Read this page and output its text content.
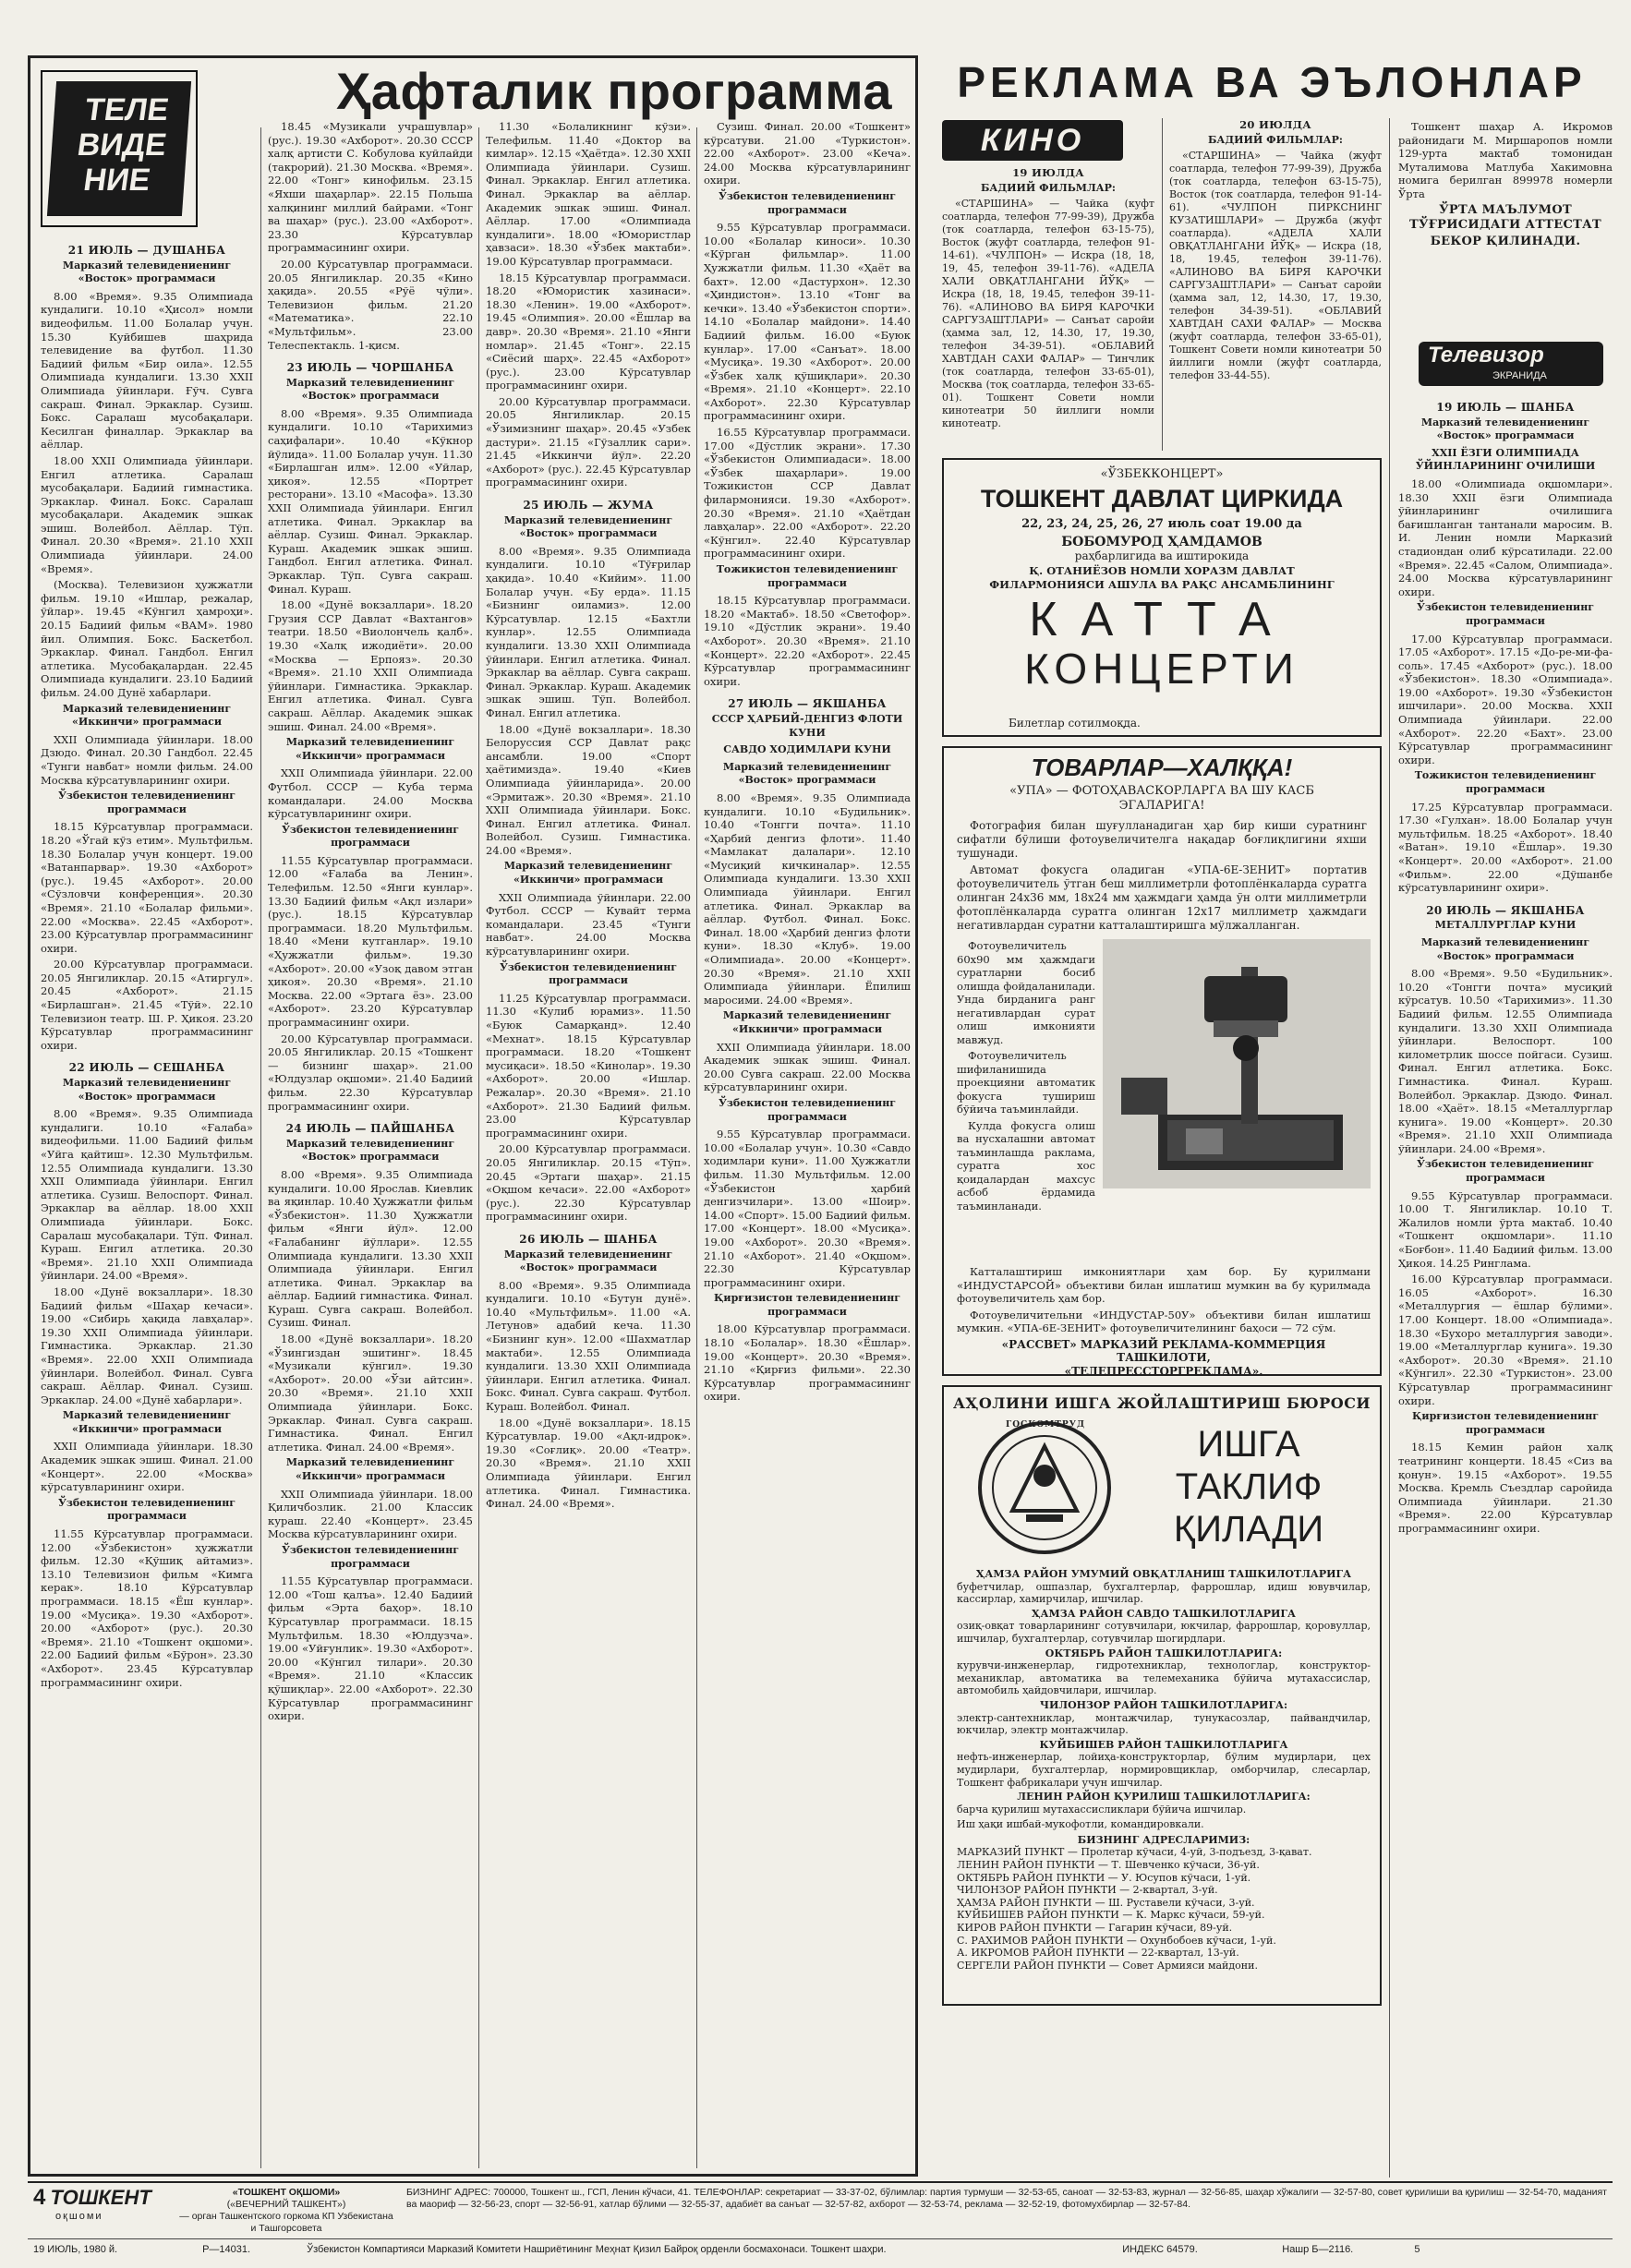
ТЕЛЕ
ВИДЕ
НИЕ
Ҳафталик программа
21 ИЮЛЬ — ДУШАНБА
Марказий телевидениенинг «Восток» программаси

8.00 «Время». 9.35 Олимпиада кундалиги. 10.10 «Ҳисол» номли видеофильм. 11.00 Болалар учун. 15.30 Куйбишев шаҳрида телевидение ва футбол. 11.30 Бадиий фильм «Бир оила». 12.55 Олимпиада кундалиги. 13.30 XXII Олимпиада ўйинлари. Ғўч. Сувга сакраш. Финал. Эркаклар. Сузиш. Бокс. Саралаш мусобақалари. Кесилган финаллар. Эркаклар ва аёллар.

18.00 XXII Олимпиада ўйинлари. Енгил атлетика. Саралаш мусобақалари. Бадиий гимнастика. Эркаклар. Финал. Бокс. Саралаш мусобақалари. Академик эшкак эшиш. Волейбол. Аёллар. Тўп. Финал. 20.30 «Время». 21.10 XXII Олимпиада ўйинлари. 24.00 «Время».

(Москва). Телевизион ҳужжатли фильм. 19.10 «Ишлар, режалар, ўйлар». 19.45 «Кўнгил ҳамроҳи». 20.15 Бадиий фильм «ВАМ». 1980 йил. Олимпия. Бокс. Баскетбол. Эркаклар. Финал. Гандбол. Енгил атлетика. Мусобақалардан. 22.45 Олимпиада кундалиги. 23.10 Бадиий фильм. 24.00 Дунё хабарлари.

Марказий телевидениенинг «Иккинчи» программаси

XXII Олимпиада ўйинлари. 18.00 Дзюдо. Финал. 20.30 Гандбол. 22.45 «Тунги навбат» номли фильм. 24.00 Москва кўрсатувларининг охири.

Ўзбекистон телевидениенинг программаси

18.15 Кўрсатувлар программаси. 18.20 «Ўгай кўз етим». Мультфильм. 18.30 Болалар учун концерт. 19.00 «Ватанпарвар». 19.30 «Ахборот» (рус.). 19.45 «Ахборот». 20.00 «Сўзловчи конференция». 20.30 «Время». 21.10 «Болалар фильми». 22.00 «Москва». 22.45 «Ахборот». 23.00 Кўрсатувлар программасининг охири.

20.00 Кўрсатувлар программаси. 20.05 Янгиликлар. 20.15 «Атиргул». 20.45 «Ахборот». 21.15 «Бирлашган». 21.45 «Тўй». 22.10 Телевизион театр. Ш. Р. Ҳикоя. 23.20 Кўрсатувлар программасининг охири.

22 ИЮЛЬ — СЕШАНБА
Марказий телевидениенинг «Восток» программаси

8.00 «Время». 9.35 Олимпиада кундалиги. 10.10 «Ғалаба» видеофильми. 11.00 Бадиий фильм «Уйга қайтиш». 12.30 Мультфильм. 12.55 Олимпиада кундалиги. 13.30 XXII Олимпиада ўйинлари. Енгил атлетика. Сузиш. Велоспорт. Финал. Эркаклар ва аёллар. 18.00 XXII Олимпиада ўйинлари. Бокс. Саралаш мусобақалари. Тўп. Финал. Кураш. Енгил атлетика. 20.30 «Время». 21.10 XXII Олимпиада ўйинлари. 24.00 «Время».

18.00 «Дунё вокзаллари». 18.30 Бадиий фильм «Шаҳар кечаси». 19.00 «Сибирь ҳақида лавҳалар». 19.30 XXII Олимпиада ўйинлари. Гимнастика. Эркаклар. 21.30 «Время». 22.00 XXII Олимпиада ўйинлари. Волейбол. Финал. Сувга сакраш. Аёллар. Финал. Сузиш. Эркаклар. 24.00 «Дунё хабарлари».

Марказий телевидениенинг «Иккинчи» программаси

XXII Олимпиада ўйинлари. 18.30 Академик эшкак эшиш. Финал. 21.00 «Концерт». 22.00 «Москва» кўрсатувларининг охири.

Ўзбекистон телевидениенинг программаси

11.55 Кўрсатувлар программаси. 12.00 «Ўзбекистон» ҳужжатли фильм. 12.30 «Қўшиқ айтамиз». 13.10 Телевизион фильм «Кимга керак». 18.10 Кўрсатувлар программаси. 18.15 «Ёш кунлар». 19.00 «Мусиқа». 19.30 «Ахборот». 20.00 «Ахборот» (рус.). 20.30 «Время». 21.10 «Тошкент оқшоми». 22.00 Бадиий фильм «Бўрон». 23.30 «Ахборот». 23.45 Кўрсатувлар программасининг охири.

18.45 «Музикали учрашувлар» (рус.). 19.30 «Ахборот». 20.30 СССР халқ артисти С. Кобулова куйлайди (такрорий). 21.30 Москва. «Время». 22.00 «Тонг» кинофильм. 23.15 «Яхши шаҳарлар». 22.15 Польша халқининг миллий байрами. «Тонг ва шаҳар» (рус.). 23.00 «Ахборот». 23.30 Кўрсатувлар программасининг охири.

20.00 Кўрсатувлар программаси. 20.05 Янгиликлар. 20.35 «Кино ҳақида». 20.55 «Рўё чўли». Телевизион фильм. 21.20 «Математика». 22.10 «Мультфильм». 23.00 Телеспектакль. 1-қисм.

23 ИЮЛЬ — ЧОРШАНБА
Марказий телевидениенинг «Восток» программаси

8.00 «Время». 9.35 Олимпиада кундалиги. 10.10 «Тарихимиз саҳифалари». 10.40 «Кўкнор йўлида». 11.00 Болалар учун. 11.30 «Бирлашган илм». 12.00 «Уйлар, ҳикоя». 12.55 «Портрет ресторани». 13.10 «Масофа». 13.30 XXII Олимпиада ўйинлари. Енгил атлетика. Финал. Эркаклар ва аёллар. Сузиш. Финал. Эркаклар. Кураш. Академик эшкак эшиш. Гандбол. Енгил атлетика. Финал. Эркаклар. Тўп. Сувга сакраш. Финал. Кураш.

18.00 «Дунё вокзаллари». 18.20 Грузия ССР Давлат «Вахтангов» театри. 18.50 «Виолончель қалб». 19.30 «Халқ ижодиёти». 20.00 «Москва — Ерпояз». 20.30 «Время». 21.10 XXII Олимпиада ўйинлари. Гимнастика. Эркаклар. Енгил атлетика. Финал. Сувга сакраш. Аёллар. Академик эшкак эшиш. Финал. 24.00 «Время».

Марказий телевидениенинг «Иккинчи» программаси

XXII Олимпиада ўйинлари. 22.00 Футбол. СССР — Куба терма командалари. 24.00 Москва кўрсатувларининг охири.

Ўзбекистон телевидениенинг программаси

11.55 Кўрсатувлар программаси. 12.00 «Ғалаба ва Ленин». Телефильм. 12.50 «Янги кунлар». 13.30 Бадиий фильм «Ақл излари» (рус.). 18.15 Кўрсатувлар программаси. 18.20 Мультфильм. 18.40 «Мени кутганлар». 19.10 «Ҳужжатли фильм». 19.30 «Ахборот». 20.00 «Узоқ давом этган ҳикоя». 20.30 «Время». 21.10 Москва. 22.00 «Эртага ёз». 23.00 «Ахборот». 23.20 Кўрсатувлар программасининг охири.

20.00 Кўрсатувлар программаси. 20.05 Янгиликлар. 20.15 «Тошкент — бизнинг шаҳар». 21.00 «Юлдузлар оқшоми». 21.40 Бадиий фильм. 22.30 Кўрсатувлар программасининг охири.

24 ИЮЛЬ — ПАЙШАНБА
Марказий телевидениенинг «Восток» программаси

8.00 «Время». 9.35 Олимпиада кундалиги. 10.00 Ярослав. Киевлик ва яқинлар. 10.40 Ҳужжатли фильм «Ўзбекистон». 11.30 Ҳужжатли фильм «Янги йўл». 12.00 «Ғалабанинг йўллари». 12.55 Олимпиада кундалиги. 13.30 XXII Олимпиада ўйинлари. Енгил атлетика. Финал. Эркаклар ва аёллар. Бадиий гимнастика. Финал. Кураш. Сувга сакраш. Волейбол. Сузиш. Финал.

18.00 «Дунё вокзаллари». 18.20 «Ўзингиздан эшитинг». 18.45 «Музикали кўнгил». 19.30 «Ахборот». 20.00 «Ўзи айтсин». 20.30 «Время». 21.10 XXII Олимпиада ўйинлари. Бокс. Эркаклар. Финал. Сувга сакраш. Гимнастика. Финал. Енгил атлетика. Финал. 24.00 «Время».

Марказий телевидениенинг «Иккинчи» программаси

XXII Олимпиада ўйинлари. 18.00 Қиличбозлик. 21.00 Классик кураш. 22.40 «Концерт». 23.45 Москва кўрсатувларининг охири.

Ўзбекистон телевидениенинг программаси

11.55 Кўрсатувлар программаси. 12.00 «Тош қалъа». 12.40 Бадиий фильм «Эрта баҳор». 18.10 Кўрсатувлар программаси. 18.15 Мультфильм. 18.30 «Юлдузча». 19.00 «Уйғунлик». 19.30 «Ахборот». 20.00 «Кўнгил тилари». 20.30 «Время». 21.10 «Классик қўшиқлар». 22.00 «Ахборот». 22.30 Кўрсатувлар программасининг охири.

11.30 «Болаликнинг кўзи». Телефильм. 11.40 «Доктор ва кимлар». 12.15 «Ҳаётда». 12.30 XXII Олимпиада ўйинлари. Сузиш. Финал. Эркаклар. Енгил атлетика. Финал. Эркаклар ва аёллар. Академик эшкак эшиш. Финал. Аёллар. 17.00 «Олимпиада кундалиги». 18.00 «Юмористлар ҳавзаси». 18.30 «Ўзбек мактаби». 19.00 Кўрсатувлар программаси.

18.15 Кўрсатувлар программаси. 18.20 «Юмористик хазинаси». 18.30 «Ленин». 19.00 «Ахборот». 19.45 «Олимпия». 20.00 «Ёшлар ва давр». 20.30 «Время». 21.10 «Янги номлар». 21.45 «Тонг». 22.15 «Сиёсий шарҳ». 22.45 «Ахборот» (рус.). 23.00 Кўрсатувлар программасининг охири.

20.00 Кўрсатувлар программаси. 20.05 Янгиликлар. 20.15 «Ўзимизнинг шаҳар». 20.45 «Узбек дастури». 21.15 «Гўзаллик сари». 21.45 «Иккинчи йўл». 22.20 «Ахборот» (рус.). 22.45 Кўрсатувлар программасининг охири.

25 ИЮЛЬ — ЖУМА
Марказий телевидениенинг «Восток» программаси

8.00 «Время». 9.35 Олимпиада кундалиги. 10.10 «Тўғрилар ҳақида». 10.40 «Кийим». 11.00 Болалар учун. «Бу ерда». 11.15 «Бизнинг оиламиз». 12.00 Кўрсатувлар. 12.15 «Бахтли кунлар». 12.55 Олимпиада кундалиги. 13.30 XXII Олимпиада ўйинлари. Енгил атлетика. Финал. Эркаклар ва аёллар. Сувга сакраш. Финал. Эркаклар. Кураш. Академик эшкак эшиш. Тўп. Волейбол. Финал. Енгил атлетика.

18.00 «Дунё вокзаллари». 18.30 Белоруссия ССР Давлат рақс ансамбли. 19.00 «Спорт ҳаётимизда». 19.40 «Киев Олимпиада ўйинларида». 20.00 «Эрмитаж». 20.30 «Время». 21.10 XXII Олимпиада ўйинлари. Бокс. Финал. Енгил атлетика. Финал. Волейбол. Сузиш. Гимнастика. 24.00 «Время».

Марказий телевидениенинг «Иккинчи» программаси

XXII Олимпиада ўйинлари. 22.00 Футбол. СССР — Кувайт терма командалари. 23.45 «Тунги навбат». 24.00 Москва кўрсатувларининг охири.

Ўзбекистон телевидениенинг программаси

11.25 Кўрсатувлар программаси. 11.30 «Кулиб юрамиз». 11.50 «Буюк Самарқанд». 12.40 «Мехнат». 18.15 Кўрсатувлар программаси. 18.20 «Тошкент мусиқаси». 18.50 «Кинолар». 19.30 «Ахборот». 20.00 «Ишлар. Режалар». 20.30 «Время». 21.10 «Ахборот». 21.30 Бадиий фильм. 23.00 Кўрсатувлар программасининг охири.

20.00 Кўрсатувлар программаси. 20.05 Янгиликлар. 20.15 «Тўп». 20.45 «Эртаги шаҳар». 21.15 «Оқшом кечаси». 22.00 «Ахборот» (рус.). 22.30 Кўрсатувлар программасининг охири.

26 ИЮЛЬ — ШАНБА
Марказий телевидениенинг «Восток» программаси

8.00 «Время». 9.35 Олимпиада кундалиги. 10.10 «Бутун дунё». 10.40 «Мультфильм». 11.00 «А. Летунов» адабий кеча. 11.30 «Бизнинг кун». 12.00 «Шахматлар мактаби». 12.55 Олимпиада кундалиги. 13.30 XXII Олимпиада ўйинлари. Енгил атлетика. Финал. Бокс. Финал. Сувга сакраш. Футбол. Кураш. Волейбол. Финал.

18.00 «Дунё вокзаллари». 18.15 Кўрсатувлар. 19.00 «Ақл-идрок». 19.30 «Соғлиқ». 20.00 «Театр». 20.30 «Время». 21.10 XXII Олимпиада ўйинлари. Енгил атлетика. Финал. Гимнастика. Финал. 24.00 «Время».

Сузиш. Финал. 20.00 «Тошкент» кўрсатуви. 21.00 «Туркистон». 22.00 «Ахборот». 23.00 «Кеча». 24.00 Москва кўрсатувларининг охири.

Ўзбекистон телевидениенинг программаси

9.55 Кўрсатувлар программаси. 10.00 «Болалар киноси». 10.30 «Кўрган фильмлар». 11.00 Ҳужжатли фильм. 11.30 «Ҳаёт ва бахт». 12.00 «Дастурхон». 12.30 «Ҳиндистон». 13.10 «Тонг ва кечки». 13.40 «Ўзбекистон спорти». 14.10 «Болалар майдони». 14.40 Бадиий фильм. 16.00 «Буюк кунлар». 17.00 «Санъат». 18.00 «Мусиқа». 19.30 «Ахборот». 20.00 «Ўзбек халқ қўшиқлари». 20.30 «Время». 21.10 «Концерт». 22.10 «Ахборот». 22.30 Кўрсатувлар программасининг охири.

16.55 Кўрсатувлар программаси. 17.00 «Дўстлик экрани». 17.30 «Ўзбекистон Олимпиадаси». 18.00 «Ўзбек шаҳарлари». 19.00 Тожикистон ССР Давлат филармонияси. 19.30 «Ахборот». 20.30 «Время». 21.10 «Ҳаётдан лавҳалар». 22.00 «Ахборот». 22.20 «Кўнгил». 22.40 Кўрсатувлар программасининг охири.

Тожикистон телевидениенинг программаси

18.15 Кўрсатувлар программаси. 18.20 «Мактаб». 18.50 «Светофор». 19.10 «Дўстлик экрани». 19.40 «Ахборот». 20.30 «Время». 21.10 «Концерт». 22.20 «Ахборот». 22.45 Кўрсатувлар программасининг охири.

27 ИЮЛЬ — ЯКШАНБА
СССР ҲАРБИЙ-ДЕНГИЗ ФЛОТИ КУНИ
САВДО ХОДИМЛАРИ КУНИ
Марказий телевидениенинг «Восток» программаси

8.00 «Время». 9.35 Олимпиада кундалиги. 10.10 «Будильник». 10.40 «Тонгги почта». 11.10 «Ҳарбий денгиз флоти». 11.40 «Мамлакат далалари». 12.10 «Мусиқий кичкиналар». 12.55 Олимпиада кундалиги. 13.30 XXII Олимпиада ўйинлари. Енгил атлетика. Финал. Эркаклар ва аёллар. Футбол. Финал. Бокс. Финал. 18.00 «Ҳарбий денгиз флоти куни». 18.30 «Клуб». 19.00 «Олимпиада». 20.00 «Концерт». 20.30 «Время». 21.10 XXII Олимпиада ўйинлари. Ёпилиш маросими. 24.00 «Время».

Марказий телевидениенинг «Иккинчи» программаси

XXII Олимпиада ўйинлари. 18.00 Академик эшкак эшиш. Финал. 20.00 Сувга сакраш. 22.00 Москва кўрсатувларининг охири.

Ўзбекистон телевидениенинг программаси

9.55 Кўрсатувлар программаси. 10.00 «Болалар учун». 10.30 «Савдо ходимлари куни». 11.00 Ҳужжатли фильм. 11.30 Мультфильм. 12.00 «Ўзбекистон ҳарбий денгизчилари». 13.00 «Шоир». 14.00 «Спорт». 15.00 Бадиий фильм. 17.00 «Концерт». 18.00 «Мусиқа». 19.00 «Ахборот». 20.30 «Время». 21.10 «Ахборот». 21.40 «Оқшом». 22.30 Кўрсатувлар программасининг охири.

Қирғизистон телевидениенинг программаси

18.00 Кўрсатувлар программаси. 18.10 «Болалар». 18.30 «Ёшлар». 19.00 «Концерт». 20.30 «Время». 21.10 «Қирғиз фильми». 22.30 Кўрсатувлар программасининг охири.

РЕКЛАМА ВА ЭЪЛОНЛАР
КИНО

19 ИЮЛДА

БАДИИЙ ФИЛЬМЛАР:

«СТАРШИНА» — Чайка (куфт соатларда, телефон 77-99-39), Дружба (ток соатларда, телефон 63-15-75), Восток (жуфт соатларда, телефон 91-14-61). «ЧУЛПОН» — Искра (18, 18, 19, 45, телефон 39-11-76). «АДЕЛА ХАЛИ ОВҚАТЛАНГАНИ ЙЎҚ» — Искра (18, 18, 19.45, телефон 39-11-76). «АЛИНОВО ВА БИРЯ КАРОЧКИ САРГУЗАШТЛАРИ» — Санъат саройи (ҳамма зал, 12, 14.30, 17, 19.30, телефон 34-39-51). «ОБЛАВИЙ ХАВТДАН САХИ ФАЛАР» — Тинчлик (ток соатларда, телефон 33-65-01), Москва (тоқ соатларда, телефон 33-65-01). Тошкент Совети номли кинотеатри 50 йиллиги номли кинотеатр.

20 ИЮЛДА

БАДИИЙ ФИЛЬМЛАР:

«СТАРШИНА» — Чайка (жуфт соатларда, телефон 77-99-39), Дружба (ток соатларда, телефон 63-15-75), Восток (ток соатларда, телефон 91-14-61). «ЧУЛПОН ПИРКСНИНГ КУЗАТИШЛАРИ» — Дружба (жуфт соатларда). «АДЕЛА ХАЛИ ОВҚАТЛАНГАНИ ЙЎҚ» — Искра (18, 18, 19.45, телефон 39-11-76). «АЛИНОВО ВА БИРЯ КАРОЧКИ САРГУЗАШТЛАРИ» — Санъат саройи (ҳамма зал, 12, 14.30, 17, 19.30, телефон 34-39-51). «ОБЛАВИЙ ХАВТДАН САХИ ФАЛАР» — Москва (жуфт соатларда, телефон 33-65-01), Тошкент Совети номли кинотеатри 50 йиллиги номли (жуфт соатларда, телефон 33-44-55).

Тошкент шаҳар А. Икромов районидаги М. Миршаропов номли 129-урта мактаб томонидан Муталимова Матлуба Хакимовна номига берилган 899978 номерли Ўрта

ЎРТА МАЪЛУМОТ ТЎҒРИСИДАГИ АТТЕСТАТ

БЕКОР ҚИЛИНАДИ.

Телевизор
ЭКРАНИДА
19 ИЮЛЬ — ШАНБА
Марказий телевидениенинг «Восток» программаси
XXII ЁЗГИ ОЛИМПИАДА ЎЙИНЛАРИНИНГ ОЧИЛИШИ

18.00 «Олимпиада оқшомлари». 18.30 XXII ёзги Олимпиада ўйинларининг очилишига бағишланган тантанали маросим. В. И. Ленин номли Марказий стадиондан олиб кўрсатилади. 22.00 «Время». 22.45 «Салом, Олимпиада». 24.00 Москва кўрсатувларининг охири.

Ўзбекистон телевидениенинг программаси

17.00 Кўрсатувлар программаси. 17.05 «Ахборот». 17.15 «До-ре-ми-фа-соль». 17.45 «Ахборот» (рус.). 18.00 «Ўзбекистон». 18.30 «Олимпиада». 19.00 «Ахборот». 19.30 «Ўзбекистон ишчилари». 20.00 Москва. XXII Олимпиада ўйинлари. 22.00 «Ахборот». 22.20 «Бахт». 23.00 Кўрсатувлар программасининг охири.

Тожикистон телевидениенинг программаси

17.25 Кўрсатувлар программаси. 17.30 «Гулхан». 18.00 Болалар учун мультфильм. 18.25 «Ахборот». 18.40 «Ватан». 19.10 «Ёшлар». 19.30 «Концерт». 20.00 «Ахборот». 21.00 «Фильм». 22.00 «Дўшанбе кўрсатувларининг охири».

20 ИЮЛЬ — ЯКШАНБА
МЕТАЛЛУРГЛАР КУНИ
Марказий телевидениенинг «Восток» программаси

8.00 «Время». 9.50 «Будильник». 10.20 «Тонгги почта» мусиқий кўрсатув. 10.50 «Тарихимиз». 11.30 Бадиий фильм. 12.55 Олимпиада кундалиги. 13.30 XXII Олимпиада ўйинлари. Велоспорт. 100 километрлик шоссе пойгаси. Сузиш. Финал. Енгил атлетика. Бокс. Гимнастика. Финал. Кураш. Волейбол. Эркаклар. Дзюдо. Финал. 18.00 «Ҳаёт». 18.15 «Металлурглар кунига». 19.00 «Концерт». 20.30 «Время». 21.10 XXII Олимпиада ўйинлари. 24.00 «Время».

Ўзбекистон телевидениенинг программаси

9.55 Кўрсатувлар программаси. 10.00 Т. Янгиликлар. 10.10 Т. Жалилов номли ўрта мактаб. 10.40 «Тошкент оқшомлари». 11.10 «Боғбон». 11.40 Бадиий фильм. 13.00 Ҳикоя. 14.25 Ринглама.

16.00 Кўрсатувлар программаси. 16.05 «Ахборот». 16.30 «Металлургия — ёшлар бўлими». 17.00 Концерт. 18.00 «Олимпиада». 18.30 «Бухоро металлургия заводи». 19.00 «Металлурглар кунига». 19.30 «Ахборот». 20.30 «Время». 21.10 «Кўнгил». 22.30 «Туркистон». 23.00 Кўрсатувлар программасининг охири.

Қирғизистон телевидениенинг программаси

18.15 Кемин район халқ театрининг концерти. 18.45 «Сиз ва қонун». 19.15 «Ахборот». 19.55 Москва. Кремль Съездлар саройида Олимпиада ўйинлари. 21.30 «Время». 22.00 Кўрсатувлар программасининг охири.

«ЎЗБЕККОНЦЕРТ»
ТОШКЕНТ ДАВЛАТ ЦИРКИДА
22, 23, 24, 25, 26, 27 июль соат 19.00 да
БОБОМУРОД ҲАМДАМОВ
раҳбарлигида ва иштирокида
Қ. ОТАНИЁЗОВ НОМЛИ ХОРАЗМ ДАВЛАТ ФИЛАРМОНИЯСИ АШУЛА ВА РАҚС АНСАМБЛИНИНГ
КАТТА
КОНЦЕРТИ
Билетлар сотилмоқда.
ТОВАРЛАР—ХАЛҚҚА!
«УПА» — ФОТОҲАВАСКОРЛАРГА ВА ШУ КАСБ ЭГАЛАРИГА!

Фотография билан шуғулланадиган ҳар бир киши суратнинг сифатли бўлиши фотоувеличителга нақадар боғлиқлигини яхши тушунади.

Автомат фокусга оладиган «УПА-6Е-ЗЕНИТ» портатив фотоувеличитель ўтган беш миллиметрли фотоплёнкаларда суратга олинган 24х36 мм, 18х24 мм ҳажмдаги ҳамда ўн олти миллиметрли фотоплёнкаларда суратга олинган 12х17 миллиметр ҳажмдаги негативлардан суратни катталаштиришга мўлжалланган.

Фотоувеличитель 60х90 мм ҳажмдаги суратларни босиб олишда фойдаланилади. Унда бирданига ранг негативлардан сурат олиш имконияти мавжуд.

Фотоувеличитель шифиланишида проекцияни автоматик фокусга тушириш бўйича таъминлайди.

Кулда фокусга олиш ва нусхалашни автомат таъминлашда раклама, суратга хос қоидалардан махсус асбоб ёрдамида таъминланади.

Катталаштириш имкониятлари ҳам бор. Бу қурилмани «ИНДУСТАРСОЙ» объективи билан ишлатиш мумкин ва бу қурилмада фотоувеличитель ҳам бор.

Фотоувеличительни «ИНДУСТАР-50У» объективи билан ишлатиш мумкин. «УПА-6Е-ЗЕНИТ» фотоувеличителининг баҳоси — 72 сўм.

«РАССВЕТ» МАРКАЗИЙ РЕКЛАМА-КОММЕРЦИЯ ТАШКИЛОТИ,
«ТЕЛЕПРЕССТОРГРЕКЛАМА».
АҲОЛИНИ ИШГА ЖОЙЛАШТИРИШ БЮРОСИ
ГОСКОМТРУД	ИШГА
ТАКЛИФ
ҚИЛАДИ
ҲАМЗА РАЙОН УМУМИЙ ОВҚАТЛАНИШ ТАШКИЛОТЛАРИГА
буфетчилар, ошпазлар, бухгалтерлар, фаррошлар, идиш ювувчилар, кассирлар, хамирчилар, ишчилар.
ҲАМЗА РАЙОН САВДО ТАШКИЛОТЛАРИГА
озиқ-овқат товарларининг сотувчилари, юкчилар, фаррошлар, қоровуллар, ишчилар, бухгалтерлар, сотувчилар шогирдлари.
ОКТЯБРЬ РАЙОН ТАШКИЛОТЛАРИГА:
курувчи-инженерлар, гидротехниклар, технологлар, конструктор-механиклар, автоматика ва телемеханика бўйича мутахассислар, автомобиль ҳайдовчилари, ишчилар.
ЧИЛОНЗОР РАЙОН ТАШКИЛОТЛАРИГА:
электр-сантехниклар, монтажчилар, тунукасозлар, пайвандчилар, юкчилар, электр монтажчилар.
КУЙБИШЕВ РАЙОН ТАШКИЛОТЛАРИГА
нефть-инженерлар, лойиҳа-конструкторлар, бўлим мудирлари, цех мудирлари, бухгалтерлар, нормировщиклар, омборчилар, слесарлар, Тошкент фабрикалари учун ишчилар.
ЛЕНИН РАЙОН ҚУРИЛИШ ТАШКИЛОТЛАРИГА:
барча қурилиш мутахассисликлари бўйича ишчилар.
Иш ҳақи ишбай-мукофотли, командировкали.
БИЗНИНГ АДРЕСЛАРИМИЗ:
МАРКАЗИЙ ПУНКТ — Пролетар кўчаси, 4-уй, 3-подъезд, 3-қават.
ЛЕНИН РАЙОН ПУНКТИ — Т. Шевченко кўчаси, 36-уй.
ОКТЯБРЬ РАЙОН ПУНКТИ — У. Юсупов кўчаси, 1-уй.
ЧИЛОНЗОР РАЙОН ПУНКТИ — 2-квартал, 3-уй.
ҲАМЗА РАЙОН ПУНКТИ — Ш. Руставели кўчаси, 3-уй.
КУЙБИШЕВ РАЙОН ПУНКТИ — К. Маркс кўчаси, 59-уй.
КИРОВ РАЙОН ПУНКТИ — Гагарин кўчаси, 89-уй.
С. РАХИМОВ РАЙОН ПУНКТИ — Охунбобоев кўчаси, 1-уй.
А. ИКРОМОВ РАЙОН ПУНКТИ — 22-квартал, 13-уй.
СЕРГЕЛИ РАЙОН ПУНКТИ — Совет Армияси майдони.
4 ТОШКЕНТ
оқшоми
«ТОШКЕНТ ОҚШОМИ»
(«ВЕЧЕРНИЙ ТАШКЕНТ»)
— орган Ташкентского горкома КП Узбекистана и Ташгорсовета
БИЗНИНГ АДРЕС: 700000, Тошкент ш., ГСП, Ленин кўчаси, 41. ТЕЛЕФОНЛАР: секретариат — 33-37-02, бўлимлар: партия турмуши — 32-53-65, саноат — 32-53-83, журнал — 32-56-85, шаҳар хўжалиги — 32-57-80, совет қурилиши ва қурилиш — 32-54-70, маданият ва маориф — 32-56-23, спорт — 32-56-91, хатлар бўлими — 32-55-37, адабиёт ва санъат — 32-57-82, ахборот — 32-53-74, реклама — 32-52-19, фотомухбирлар — 32-57-84.
19 ИЮЛЬ, 1980 й.	Р—14031.	Ўзбекистон Компартияси Марказий Комитети Нашриётининг Меҳнат Қизил Байроқ орденли босмахонаси. Тошкент шаҳри.	ИНДЕКС 64579.	Нашр Б—2116.	5
